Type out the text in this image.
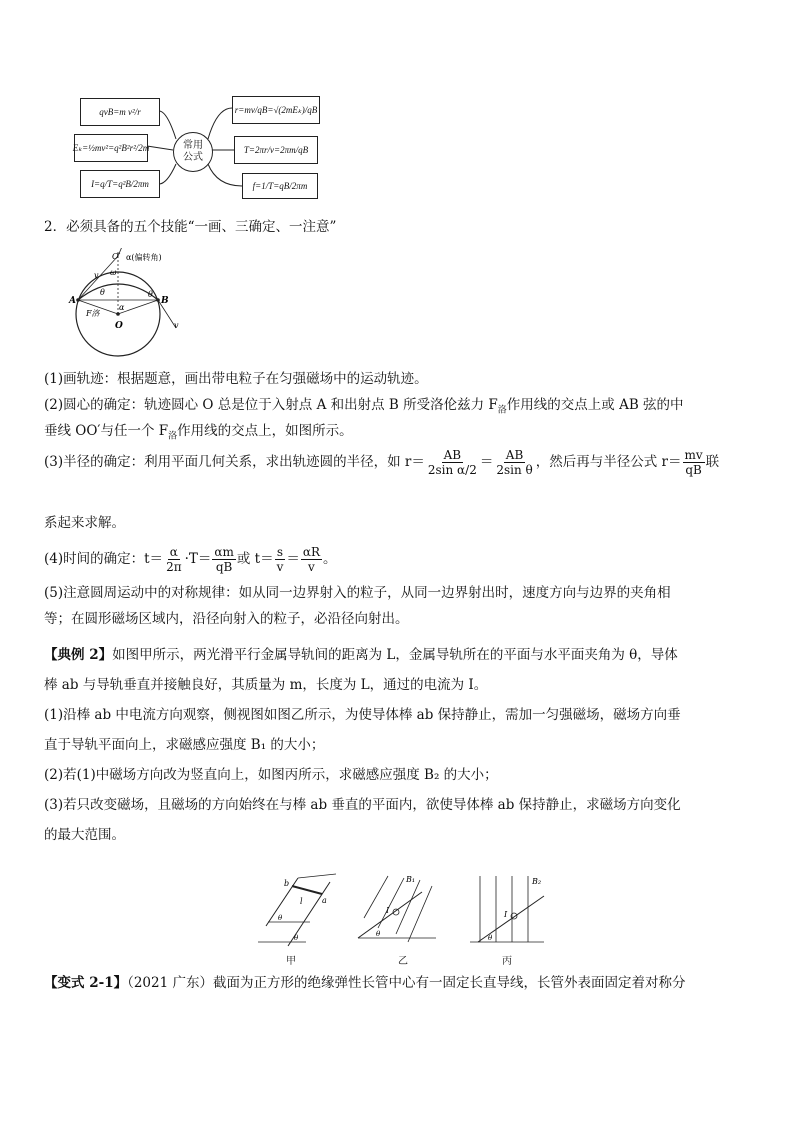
qvB=m v²/r
Eₖ=½mv²=q²B²r²/2m
I=q/T=q²B/2πm
常用
公式
r=mv/qB=√(2mEₖ)/qB
T=2πr/v=2πm/qB
f=1/T=qB/2πm
2．必须具备的五个技能“一画、三确定、一注意”
O′ α(偏转角)
ω
v
θ
A	B
θ
v
F洛
α
O
(1)画轨迹：根据题意，画出带电粒子在匀强磁场中的运动轨迹。
(2)圆心的确定：轨迹圆心 O 总是位于入射点 A 和出射点 B 所受洛伦兹力 $F_洛$作用线的交点上或 AB 弦的中
垂线 OO′与任一个 $F_洛$作用线的交点上，如图所示。
(3)半径的确定：利用平面几何关系，求出轨迹圆的半径，如 $r= \frac{AB}{\text{2sin α/2}} = \frac{AB}{\text{2sin θ}}$ ，然后再与半径公式 $r= \frac{mv}{qB}$ 联
系起来求解。
(4)时间的确定：$t= \frac{\alpha}{2\pi} \cdot T= \frac{\alpha m}{qB}$ 或 $t= \frac{s}{v} = \frac{\alpha R}{v}$ 。
(5)注意圆周运动中的对称规律：如从同一边界射入的粒子，从同一边界射出时，速度方向与边界的夹角相
等；在圆形磁场区域内，沿径向射入的粒子，必沿径向射出。
【典例 2】如图甲所示，两光滑平行金属导轨间的距离为 L，金属导轨所在的平面与水平面夹角为 θ，导体
棒 ab 与导轨垂直并接触良好，其质量为 m，长度为 L，通过的电流为 I。
(1)沿棒 ab 中电流方向观察，侧视图如图乙所示，为使导体棒 ab 保持静止，需加一匀强磁场，磁场方向垂
直于导轨平面向上，求磁感应强度 B₁ 的大小；
(2)若(1)中磁场方向改为竖直向上，如图丙所示，求磁感应强度 B₂ 的大小；
(3)若只改变磁场，且磁场的方向始终在与棒 ab 垂直的平面内，欲使导体棒 ab 保持静止，求磁场方向变化
的最大范围。
b
a
l
θ
θ
B₁
I
θ
B₂
I
θ
甲	乙	丙
【变式 2-1】（2021 广东）截面为正方形的绝缘弹性长管中心有一固定长直导线，长管外表面固定着对称分
